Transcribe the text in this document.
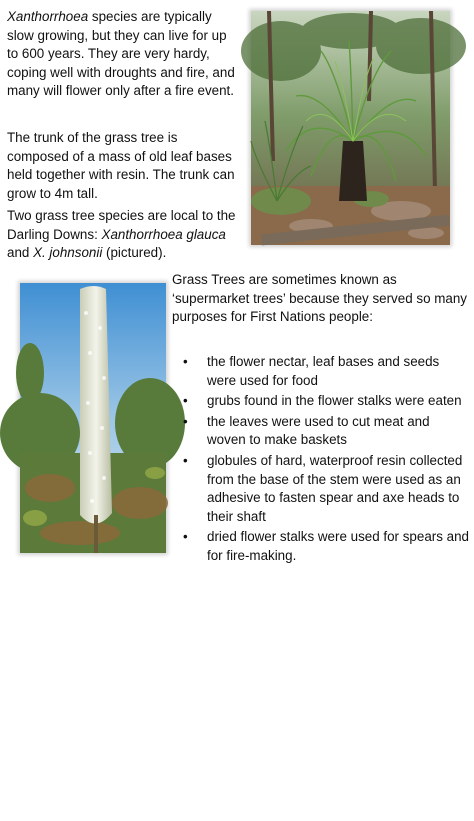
Xanthorrhoea species are typically slow growing, but they can live for up to 600 years. They are very hardy, coping well with droughts and fire, and many will flower only after a fire event.

The trunk of the grass tree is composed of a mass of old leaf bases held together with resin. The trunk can grow to 4m tall.

Two grass tree species are local to the Darling Downs: Xanthorrhoea glauca and X. johnsonii (pictured).

Tobias Gronow 2011

Grass Trees are sometimes known as ‘supermarket trees’ because they served so many purposes for First Nations people:

• the flower nectar, leaf bases and seeds were used for food
• grubs found in the flower stalks were eaten
• the leaves were used to cut meat and woven to make baskets
• globules of hard, waterproof resin collected from the base of the stem were used as an adhesive to fasten spear and axe heads to their shaft
• dried flower stalks were used for spears and for fire-making.
